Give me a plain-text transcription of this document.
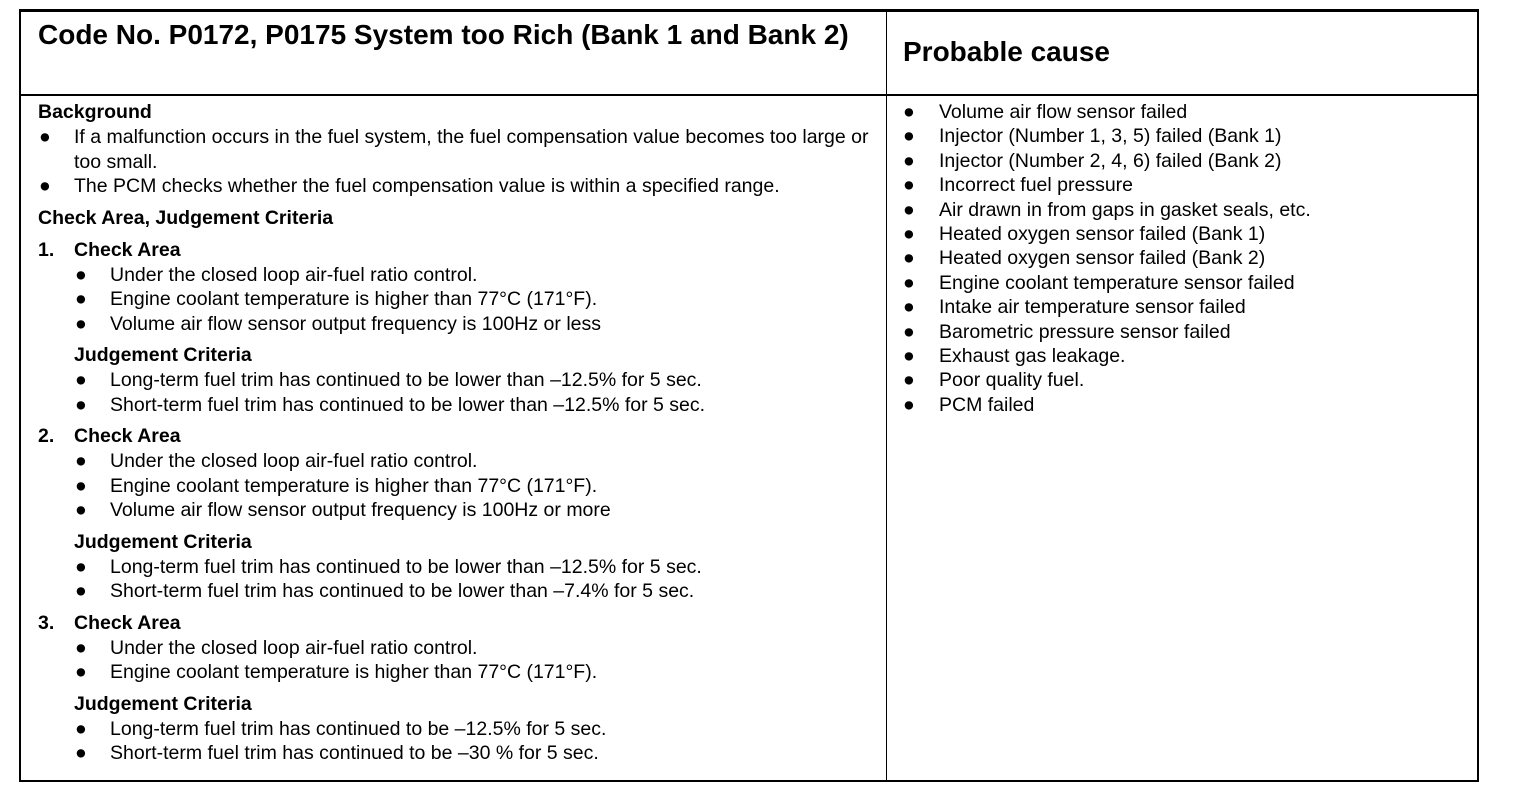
Code No. P0172, P0175 System too Rich (Bank 1 and Bank 2)
Probable cause
Background
● If a malfunction occurs in the fuel system, the fuel compensation value becomes too large or too small.
● The PCM checks whether the fuel compensation value is within a specified range.
Check Area, Judgement Criteria
1. Check Area
● Under the closed loop air-fuel ratio control.
● Engine coolant temperature is higher than 77°C (171°F).
● Volume air flow sensor output frequency is 100Hz or less
Judgement Criteria
● Long-term fuel trim has continued to be lower than –12.5% for 5 sec.
● Short-term fuel trim has continued to be lower than –12.5% for 5 sec.
2. Check Area
● Under the closed loop air-fuel ratio control.
● Engine coolant temperature is higher than 77°C (171°F).
● Volume air flow sensor output frequency is 100Hz or more
Judgement Criteria
● Long-term fuel trim has continued to be lower than –12.5% for 5 sec.
● Short-term fuel trim has continued to be lower than –7.4% for 5 sec.
3. Check Area
● Under the closed loop air-fuel ratio control.
● Engine coolant temperature is higher than 77°C (171°F).
Judgement Criteria
● Long-term fuel trim has continued to be –12.5% for 5 sec.
● Short-term fuel trim has continued to be –30 % for 5 sec.
● Volume air flow sensor failed
● Injector (Number 1, 3, 5) failed (Bank 1)
● Injector (Number 2, 4, 6) failed (Bank 2)
● Incorrect fuel pressure
● Air drawn in from gaps in gasket seals, etc.
● Heated oxygen sensor failed (Bank 1)
● Heated oxygen sensor failed (Bank 2)
● Engine coolant temperature sensor failed
● Intake air temperature sensor failed
● Barometric pressure sensor failed
● Exhaust gas leakage.
● Poor quality fuel.
● PCM failed
